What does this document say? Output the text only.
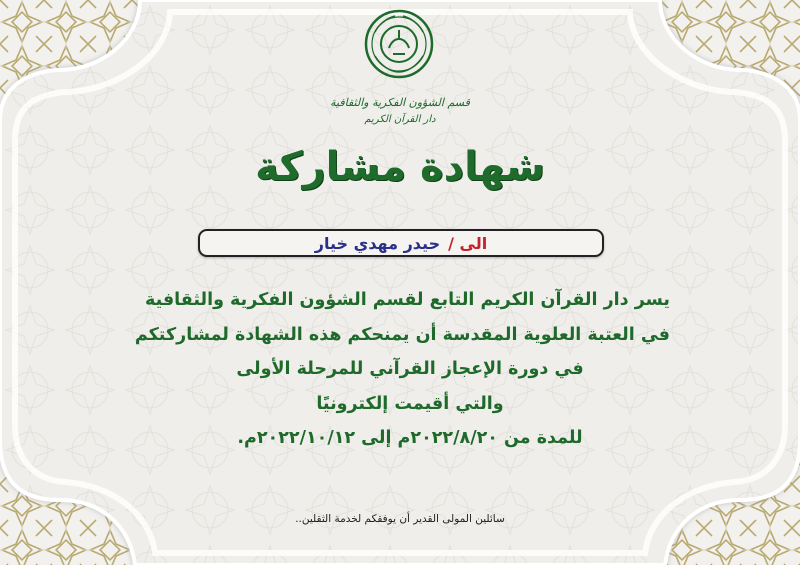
قسم الشؤون الفكرية والثقافية
دار القرآن الكريم
شهادة مشاركة
الى /
حيدر مهدي خيار
يسر دار القرآن الكريم التابع لقسم الشؤون الفكرية والثقافية
في العتبة العلوية المقدسة أن يمنحكم هذه الشهادة لمشاركتكم
في دورة الإعجاز القرآني للمرحلة الأولى
والتي أقيمت إلكترونيًا
للمدة من ٢٠٢٢/٨/٢٠م إلى ٢٠٢٢/١٠/١٢م.
سائلين المولى القدير أن يوفقكم لخدمة الثقلين..
